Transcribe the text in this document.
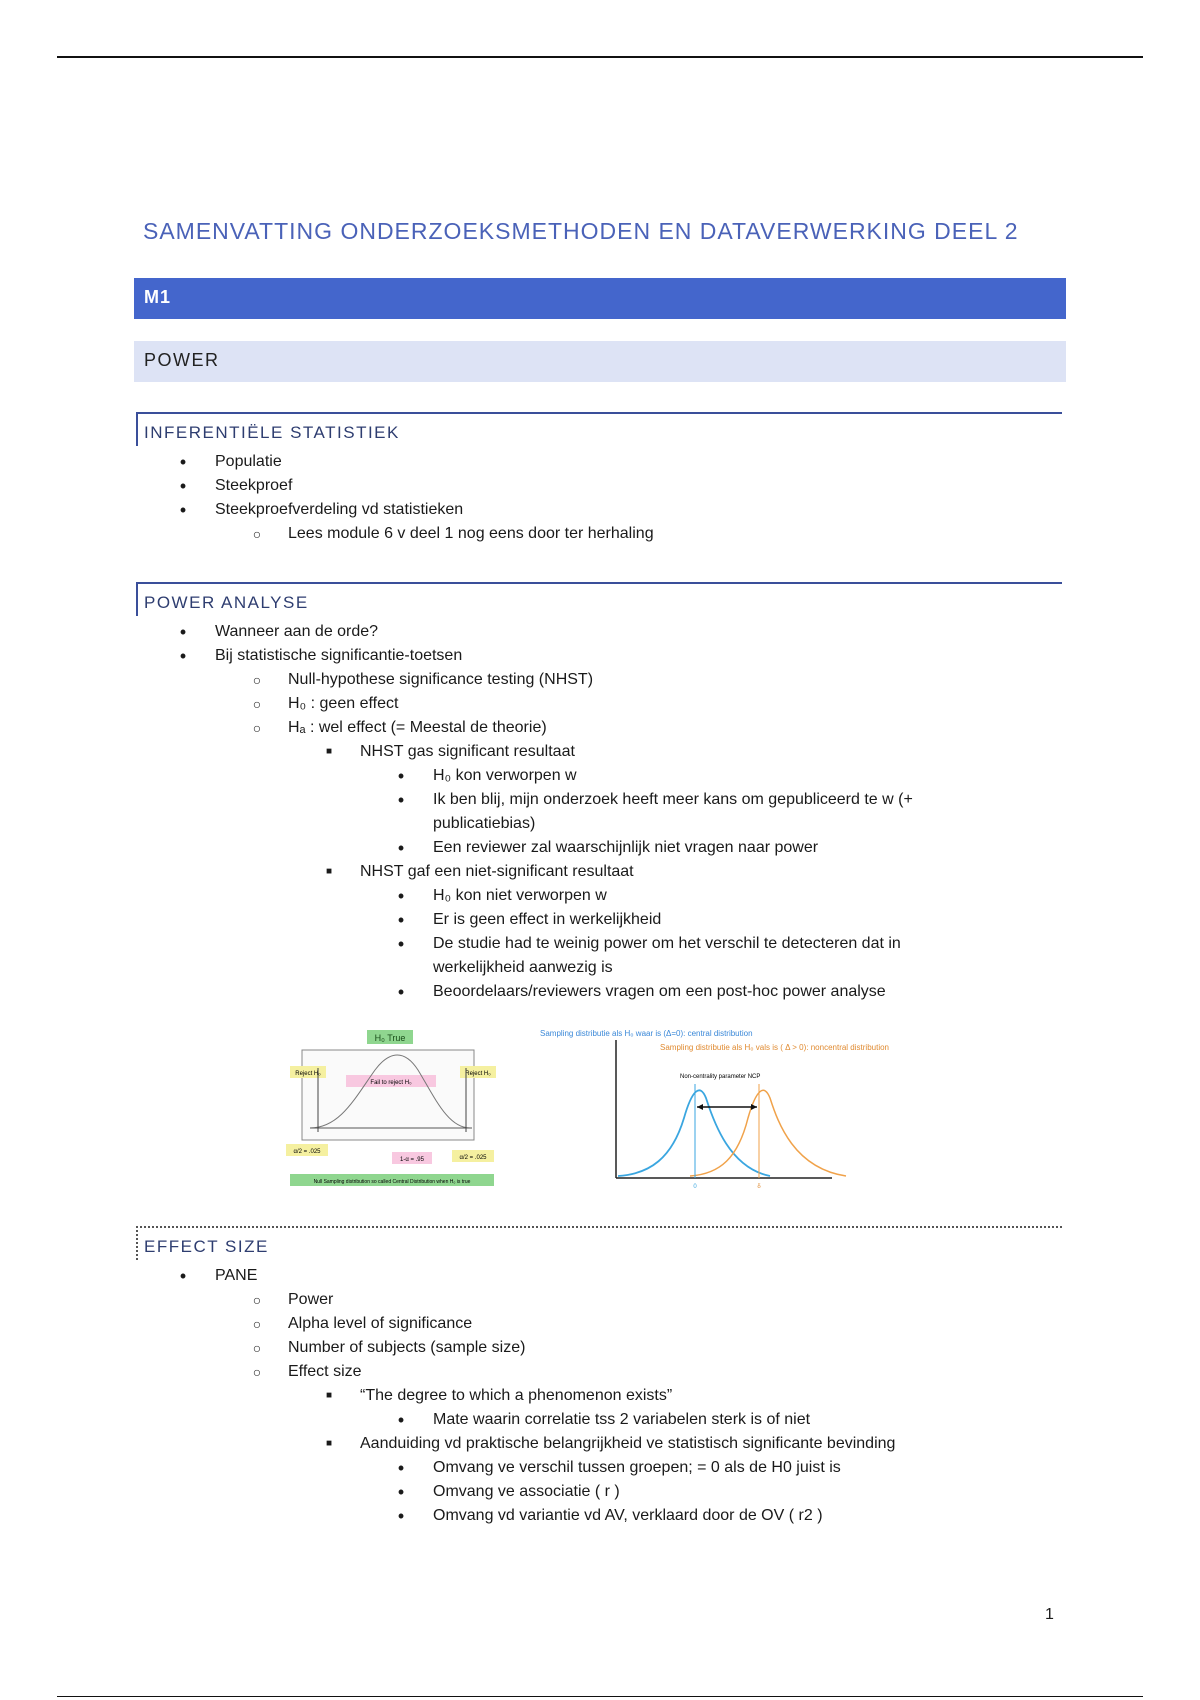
SAMENVATTING ONDERZOEKSMETHODEN EN DATAVERWERKING DEEL 2
M1
POWER
INFERENTIËLE STATISTIEK
• Populatie
• Steekproef
• Steekproefverdeling vd statistieken
○ Lees module 6 v deel 1 nog eens door ter herhaling
POWER ANALYSE
• Wanneer aan de orde?
• Bij statistische significantie-toetsen
○ Null-hypothese significance testing (NHST)
○ H₀ : geen effect
○ Hₐ : wel effect (= Meestal de theorie)
■ NHST gas significant resultaat
• H₀ kon verworpen w
• Ik ben blij, mijn onderzoek heeft meer kans om gepubliceerd te w (+ publicatiebias)
• Een reviewer zal waarschijnlijk niet vragen naar power
■ NHST gaf een niet-significant resultaat
• H₀ kon niet verworpen w
• Er is geen effect in werkelijkheid
• De studie had te weinig power om het verschil te detecteren dat in werkelijkheid aanwezig is
• Beoordelaars/reviewers vragen om een post-hoc power analyse
H₀ True
Reject H₀	Reject H₀
Fail to reject H₀
α/2 = .025
α/2 = .025
1-α = .95
Null Sampling distribution so called Central Distribution when H₀ is true
Sampling distributie als H₀ waar is (Δ=0): central distribution
Sampling distributie als H₀ vals is ( Δ > 0): noncentral distribution
Non-centrality parameter NCP
0	δ
EFFECT SIZE
• PANE
○ Power
○ Alpha level of significance
○ Number of subjects (sample size)
○ Effect size
■ “The degree to which a phenomenon exists”
• Mate waarin correlatie tss 2 variabelen sterk is of niet
■ Aanduiding vd praktische belangrijkheid ve statistisch significante bevinding
• Omvang ve verschil tussen groepen; = 0 als de H0 juist is
• Omvang ve associatie ( r )
• Omvang vd variantie vd AV, verklaard door de OV ( r2 )
1
